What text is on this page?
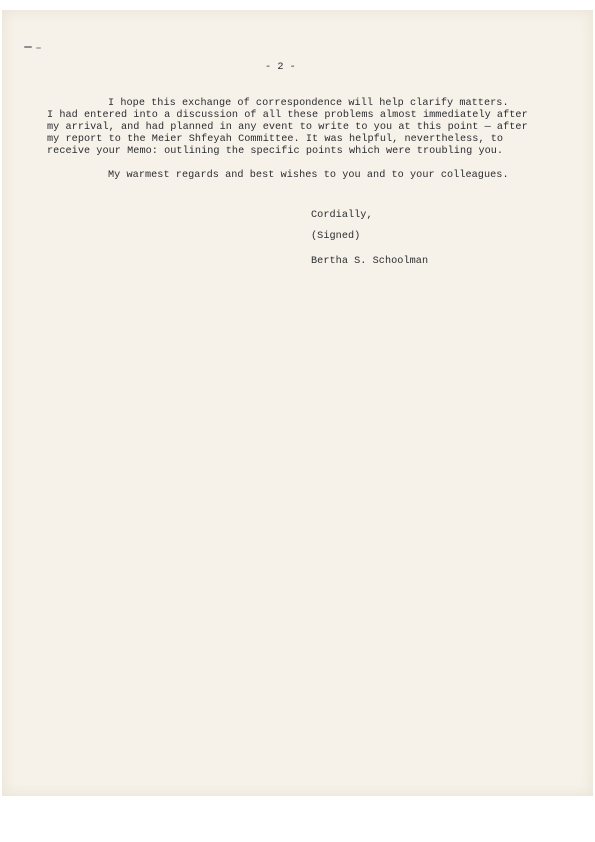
- 2 -
I hope this exchange of correspondence will help clarify matters.
I had entered into a discussion of all these problems almost immediately after
my arrival, and had planned in any event to write to you at this point — after
my report to the Meier Shfeyah Committee. It was helpful, nevertheless, to
receive your Memo: outlining the specific points which were troubling you.
My warmest regards and best wishes to you and to your colleagues.
Cordially,
(Signed)
Bertha S. Schoolman
